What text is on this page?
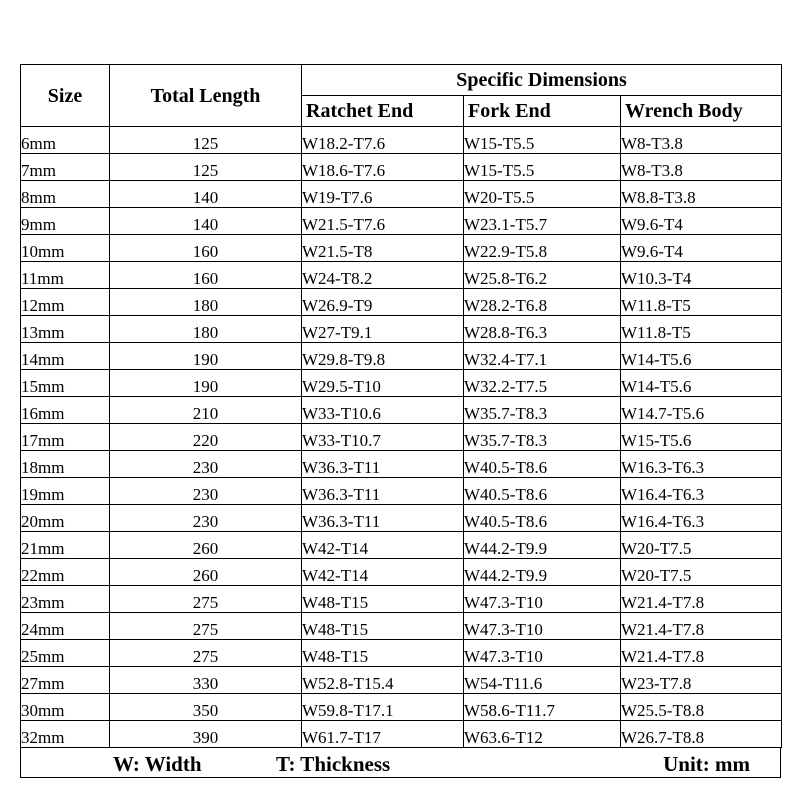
Size	Total Length	Specific Dimensions		
		Ratchet End	Fork End	Wrench Body
6mm	125	W18.2-T7.6	W15-T5.5	W8-T3.8
7mm	125	W18.6-T7.6	W15-T5.5	W8-T3.8
8mm	140	W19-T7.6	W20-T5.5	W8.8-T3.8
9mm	140	W21.5-T7.6	W23.1-T5.7	W9.6-T4
10mm	160	W21.5-T8	W22.9-T5.8	W9.6-T4
11mm	160	W24-T8.2	W25.8-T6.2	W10.3-T4
12mm	180	W26.9-T9	W28.2-T6.8	W11.8-T5
13mm	180	W27-T9.1	W28.8-T6.3	W11.8-T5
14mm	190	W29.8-T9.8	W32.4-T7.1	W14-T5.6
15mm	190	W29.5-T10	W32.2-T7.5	W14-T5.6
16mm	210	W33-T10.6	W35.7-T8.3	W14.7-T5.6
17mm	220	W33-T10.7	W35.7-T8.3	W15-T5.6
18mm	230	W36.3-T11	W40.5-T8.6	W16.3-T6.3
19mm	230	W36.3-T11	W40.5-T8.6	W16.4-T6.3
20mm	230	W36.3-T11	W40.5-T8.6	W16.4-T6.3
21mm	260	W42-T14	W44.2-T9.9	W20-T7.5
22mm	260	W42-T14	W44.2-T9.9	W20-T7.5
23mm	275	W48-T15	W47.3-T10	W21.4-T7.8
24mm	275	W48-T15	W47.3-T10	W21.4-T7.8
25mm	275	W48-T15	W47.3-T10	W21.4-T7.8
27mm	330	W52.8-T15.4	W54-T11.6	W23-T7.8
30mm	350	W59.8-T17.1	W58.6-T11.7	W25.5-T8.8
32mm	390	W61.7-T17	W63.6-T12	W26.7-T8.8
W: Width	T: Thickness	Unit: mm
